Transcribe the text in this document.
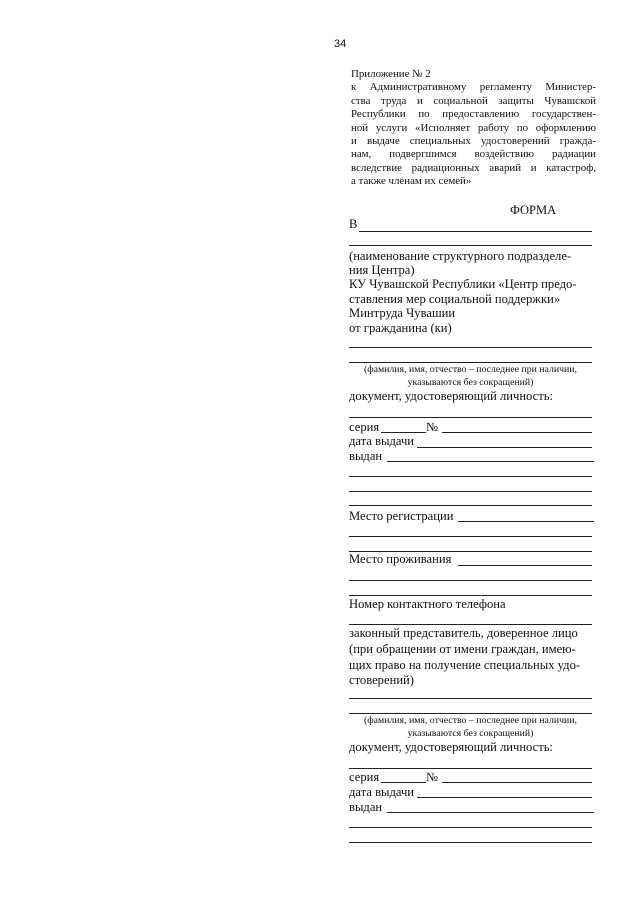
34
Приложение № 2
к Административному регламенту Министер-
ства труда и социальной защиты Чувашской
Республики по предоставлению государствен-
ной услуги «Исполняет работу по оформлению
и выдаче специальных удостоверений гражда-
нам, подвергшимся воздействию радиации
вследствие радиационных аварий и катастроф,
а также членам их семей»
ФОРМА
В
(наименование структурного подразделе-
ния Центра)
КУ Чувашской Республики «Центр предо-
ставления мер социальной поддержки»
Минтруда Чувашии
от гражданина (ки)
(фамилия, имя, отчество – последнее при наличии,
указываются без сокращений)
документ, удостоверяющий личность:
серия	№
дата выдачи
выдан
Место регистрации
Место проживания
Номер контактного телефона
законный представитель, доверенное лицо
(при обращении от имени граждан, имею-
щих право на получение специальных удо-
стоверений)
(фамилия, имя, отчество – последнее при наличии,
указываются без сокращений)
документ, удостоверяющий личность:
серия	№
дата выдачи
выдан
